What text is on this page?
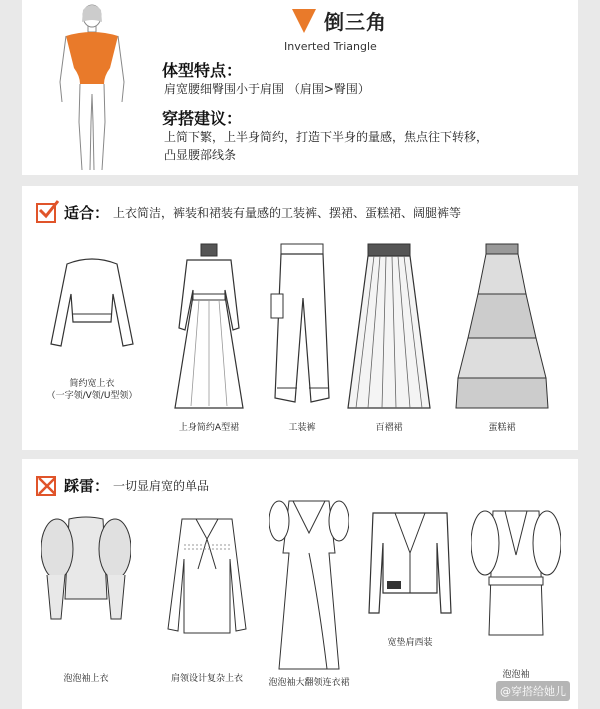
倒三角
Inverted Triangle
体型特点：
肩宽腰细臀围小于肩围 （肩围>臀围）
穿搭建议：
上简下繁，上半身简约，打造下半身的量感，焦点往下转移，
凸显腰部线条
适合： 上衣简洁，裤装和裙装有量感的工装裤、摆裙、蛋糕裙、阔腿裤等
简约宽上衣
（一字领/V领/U型领）
上身简约A型裙	工装裤	百褶裙	蛋糕裙
踩雷： 一切显肩宽的单品
泡泡袖上衣	肩领设计复杂上衣	泡泡袖大翻领连衣裙
宽垫肩西装
泡泡袖
@穿搭给她儿
